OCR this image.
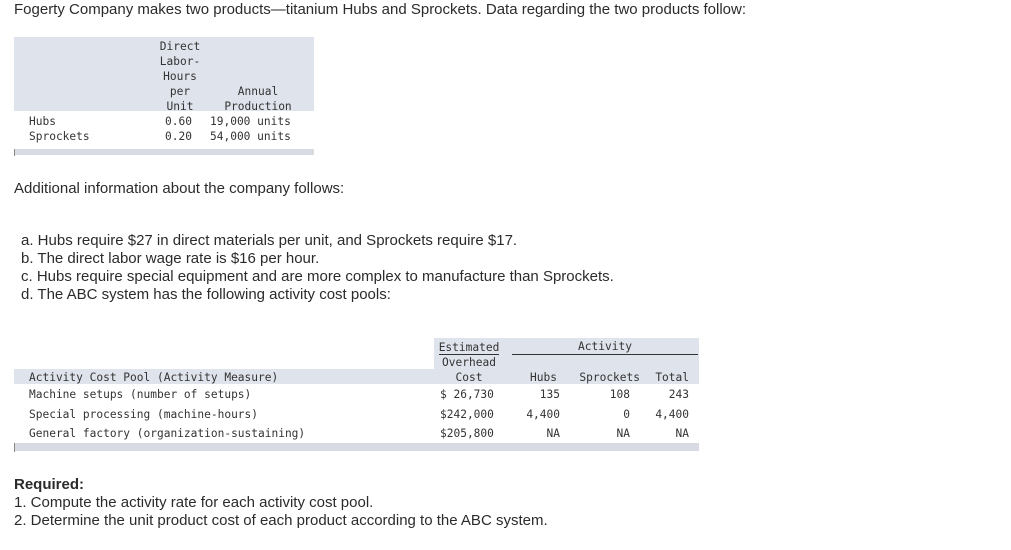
Fogerty Company makes two products—titanium Hubs and Sprockets. Data regarding the two products follow:
Direct
Labor-
Hours
per
Unit
Annual
Production
Hubs	0.60 19,000 units
Sprockets	0.20 54,000 units
Additional information about the company follows:
a. Hubs require $27 in direct materials per unit, and Sprockets require $17.
b. The direct labor wage rate is $16 per hour.
c. Hubs require special equipment and are more complex to manufacture than Sprockets.
d. The ABC system has the following activity cost pools:
Estimated
Overhead
Cost
Activity
Activity Cost Pool (Activity Measure)	Hubs	Sprockets	Total
Machine setups (number of setups)	$ 26,730	135	108	243
Special processing (machine-hours)	$242,000	4,400	0	4,400
General factory (organization-sustaining)	$205,800	NA	NA	NA
Required:
1. Compute the activity rate for each activity cost pool.
2. Determine the unit product cost of each product according to the ABC system.
